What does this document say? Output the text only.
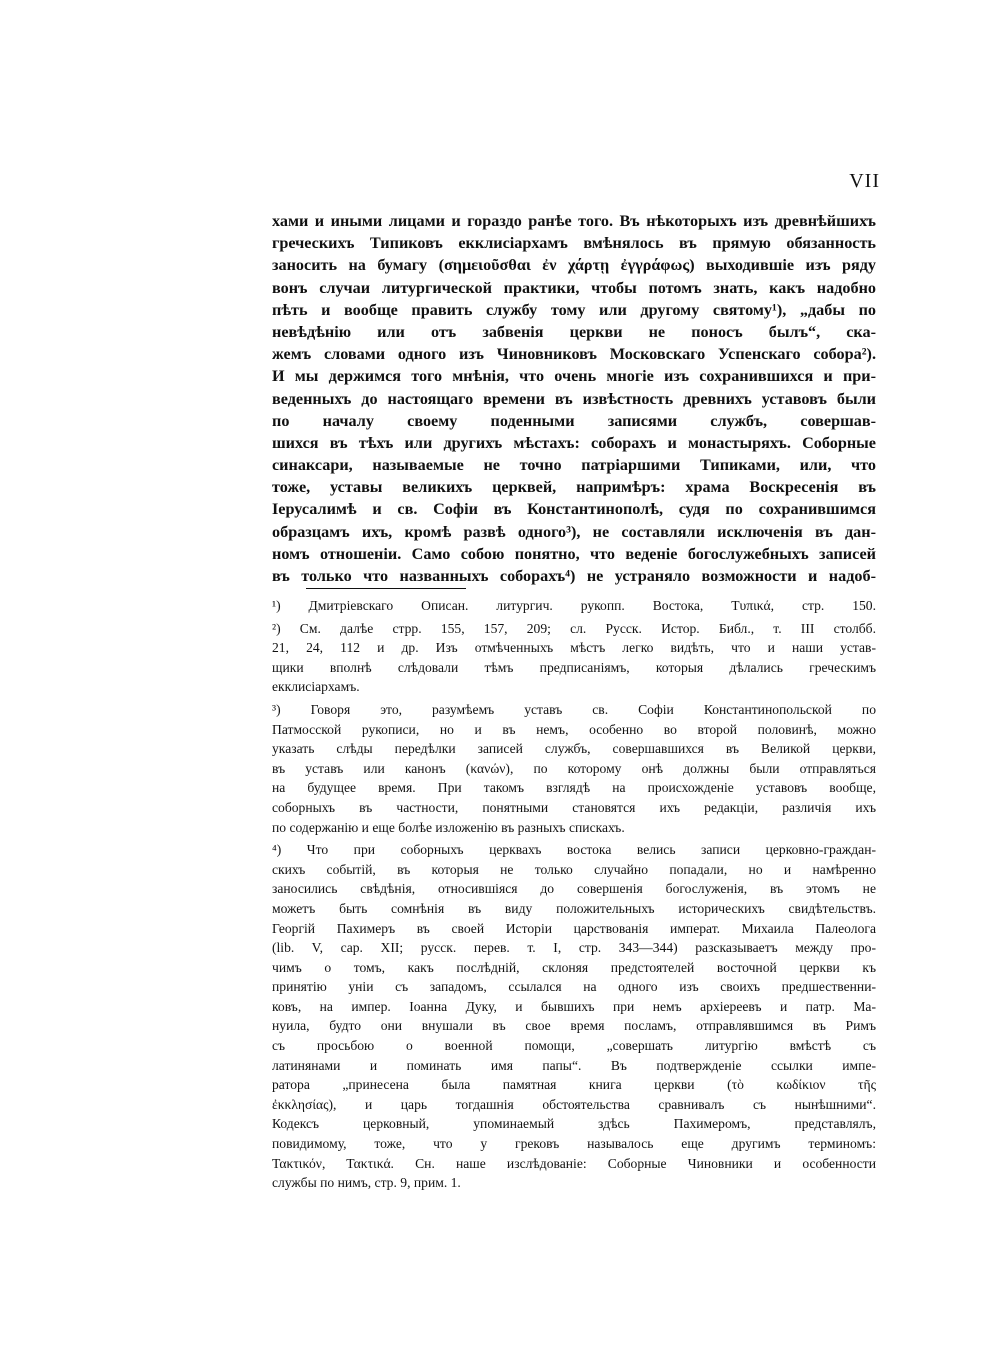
VII
хами и иными лицами и гораздо ранѣе того. Въ нѣкоторыхъ изъ древнѣйшихъ
греческихъ Типиковъ екклисіархамъ вмѣнялось въ прямую обязанность
заносить на бумагу (σημειοῦσθαι ἐν χάρτῃ ἐγγράφως) выходившіе изъ ряду
вонъ случаи литургической практики, чтобы потомъ знать, какъ надобно
пѣть и вообще править службу тому или другому святому¹), „дабы по
невѣдѣнію или отъ забвенія церкви не поносъ былъ“, ска-
жемъ словами одного изъ Чиновниковъ Московскаго Успенскаго собора²).
И мы держимся того мнѣнія, что очень многіе изъ сохранившихся и при-
веденныхъ до настоящаго времени въ извѣстность древнихъ уставовъ были
по началу своему поденными записями службъ, совершав-
шихся въ тѣхъ или другихъ мѣстахъ: соборахъ и монастыряхъ. Соборные
синаксари, называемые не точно патріаршими Типиками, или, что
тоже, уставы великихъ церквей, напримѣръ: храма Воскресенія въ
Іерусалимѣ и св. Софіи въ Константинополѣ, судя по сохранившимся
образцамъ ихъ, кромѣ развѣ одного³), не составляли исключенія въ дан-
номъ отношеніи. Само собою понятно, что веденіе богослужебныхъ записей
въ только что названныхъ соборахъ⁴) не устраняло возможности и надоб-
¹) Дмитріевскаго Описан. литургич. рукопп. Востока, Τυπικά, стр. 150.
²) См. далѣе стрр. 155, 157, 209; сл. Русск. Истор. Библ., т. III столбб.
21, 24, 112 и др. Изъ отмѣченныхъ мѣстъ легко видѣть, что и наши устав-
щики вполнѣ слѣдовали тѣмъ предписаніямъ, которыя дѣлались греческимъ
екклисіархамъ.
³) Говоря это, разумѣемъ уставъ св. Софіи Константинопольской по
Патмосской рукописи, но и въ немъ, особенно во второй половинѣ, можно
указать слѣды передѣлки записей службъ, совершавшихся въ Великой церкви,
въ уставъ или канонъ (κανών), по которому онѣ должны были отправляться
на будущее время. При такомъ взглядѣ на происхожденіе уставовъ вообще,
соборныхъ въ частности, понятными становятся ихъ редакціи, различія ихъ
по содержанію и еще болѣе изложенію въ разныхъ спискахъ.
⁴) Что при соборныхъ церквахъ востока велись записи церковно-граждан-
скихъ событій, въ которыя не только случайно попадали, но и намѣренно
заносились свѣдѣнія, относившіяся до совершенія богослуженія, въ этомъ не
можетъ быть сомнѣнія въ виду положительныхъ историческихъ свидѣтельствъ.
Георгій Пахимеръ въ своей Исторіи царствованія императ. Михаила Палеолога
(lib. V, cap. XII; русск. перев. т. I, стр. 343—344) разсказываетъ между про-
чимъ о томъ, какъ послѣдній, склоняя предстоятелей восточной церкви къ
принятію уніи съ западомъ, ссылался на одного изъ своихъ предшественни-
ковъ, на импер. Іоанна Дуку, и бывшихъ при немъ архіереевъ и патр. Ма-
нуила, будто они внушали въ свое время посламъ, отправлявшимся въ Римъ
съ просьбою о военной помощи, „совершать литургію вмѣстѣ съ
латинянами и поминать имя папы“. Въ подтвержденіе ссылки импе-
ратора „принесена была памятная книга церкви (τὸ κωδίκιον τῆς
ἐκκλησίας), и царь тогдашнія обстоятельства сравнивалъ съ нынѣшними“.
Кодексъ церковный, упоминаемый здѣсь Пахимеромъ, представлялъ,
повидимому, тоже, что у грековъ называлось еще другимъ терминомъ:
Τακτικόν, Τακτικά. Сн. наше изслѣдованіе: Соборные Чиновники и особенности
службы по нимъ, стр. 9, прим. 1.
